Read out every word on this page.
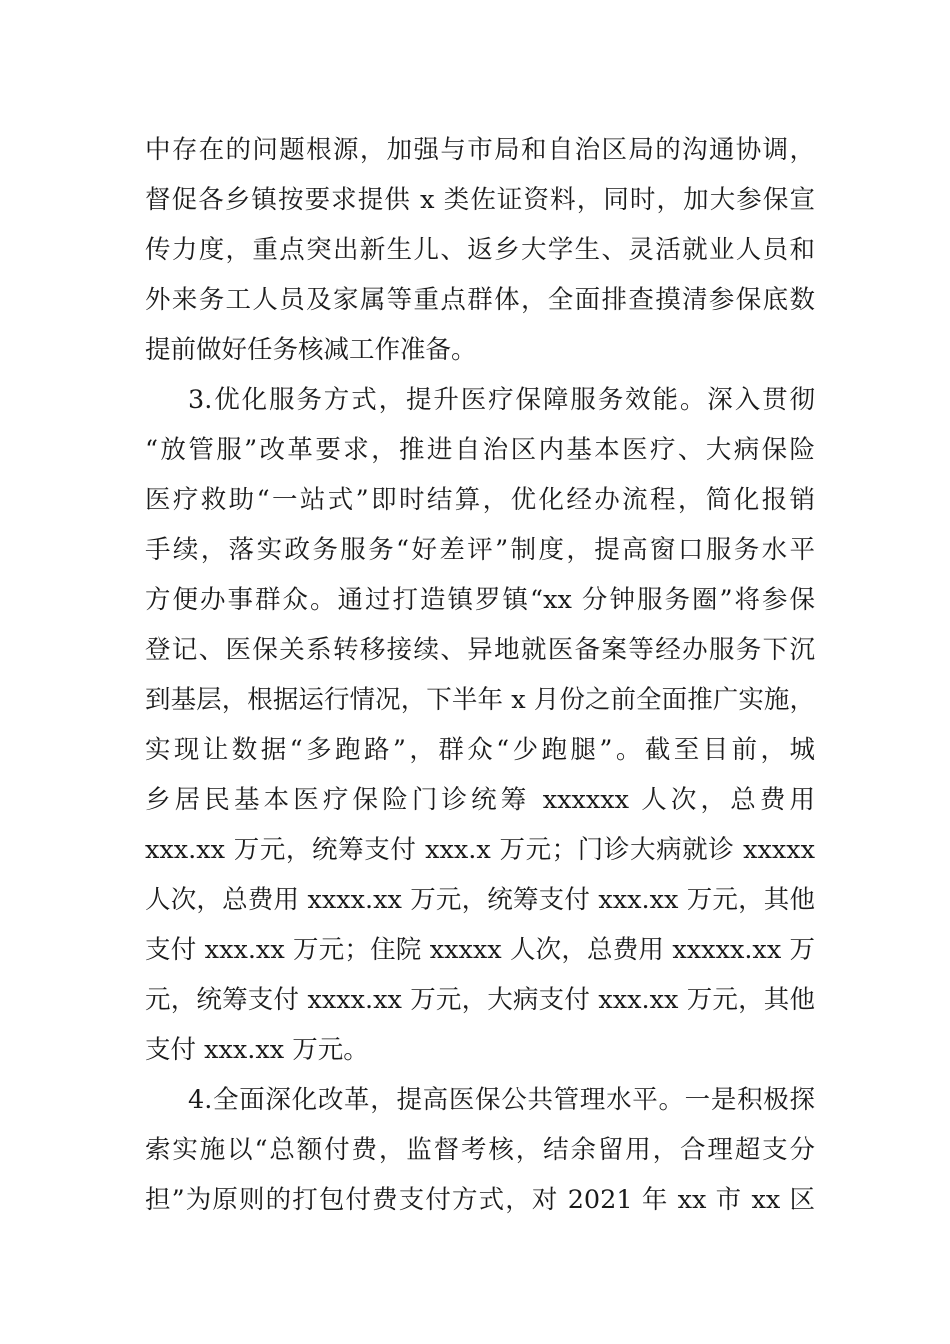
中存在的问题根源，加强与市局和自治区局的沟通协调，
督促各乡镇按要求提供 x 类佐证资料，同时，加大参保宣
传力度，重点突出新生儿、返乡大学生、灵活就业人员和
外来务工人员及家属等重点群体，全面排查摸清参保底数
提前做好任务核减工作准备。
3.优化服务方式，提升医疗保障服务效能。深入贯彻
“放管服”改革要求，推进自治区内基本医疗、大病保险
医疗救助“一站式”即时结算，优化经办流程，简化报销
手续，落实政务服务“好差评”制度，提高窗口服务水平
方便办事群众。通过打造镇罗镇“xx 分钟服务圈”将参保
登记、医保关系转移接续、异地就医备案等经办服务下沉
到基层，根据运行情况，下半年 x 月份之前全面推广实施，
实现让数据“多跑路”，群众“少跑腿”。截至目前，城
乡居民基本医疗保险门诊统筹 xxxxxx 人次，总费用
xxx.xx 万元，统筹支付 xxx.x 万元；门诊大病就诊 xxxxx
人次，总费用 xxxx.xx 万元，统筹支付 xxx.xx 万元，其他
支付 xxx.xx 万元；住院 xxxxx 人次，总费用 xxxxx.xx 万
元，统筹支付 xxxx.xx 万元，大病支付 xxx.xx 万元，其他
支付 xxx.xx 万元。
4.全面深化改革，提高医保公共管理水平。一是积极探
索实施以“总额付费，监督考核，结余留用，合理超支分
担”为原则的打包付费支付方式，对 2021 年 xx 市 xx 区
